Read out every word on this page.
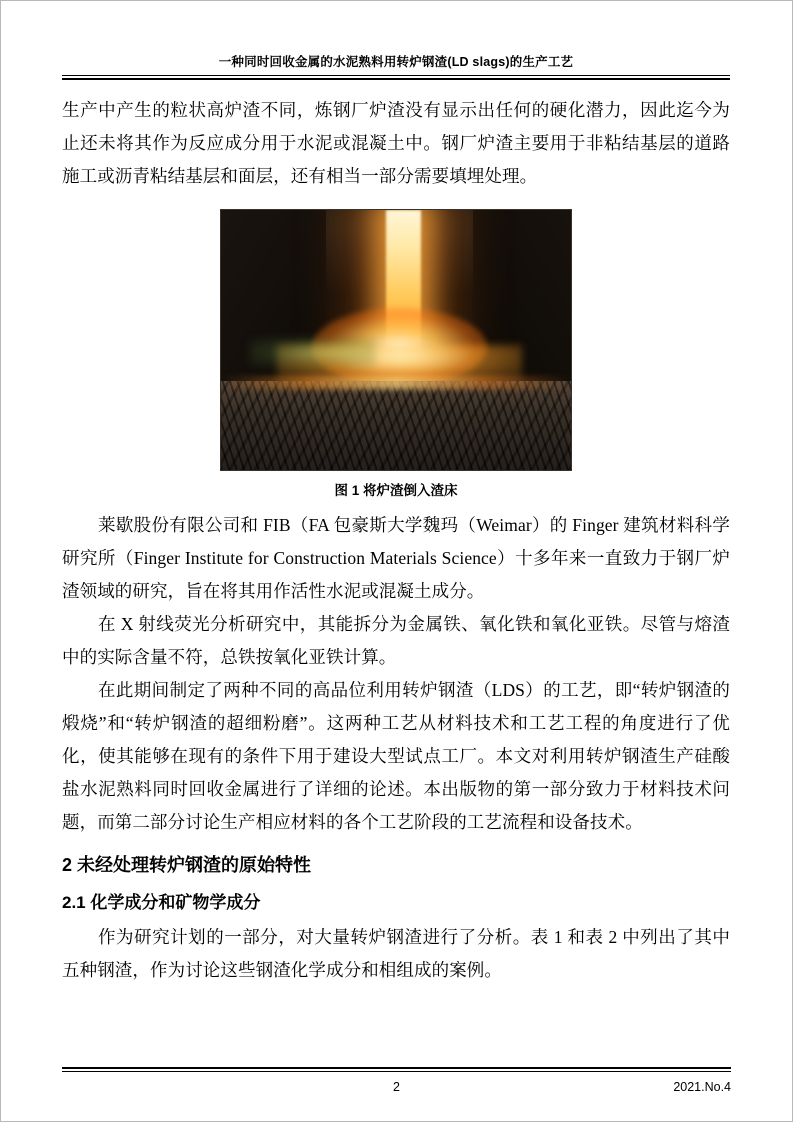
一种同时回收金属的水泥熟料用转炉钢渣(LD slags)的生产工艺

生产中产生的粒状高炉渣不同，炼钢厂炉渣没有显示出任何的硬化潜力，因此迄今为止还未将其作为反应成分用于水泥或混凝土中。钢厂炉渣主要用于非粘结基层的道路施工或沥青粘结基层和面层，还有相当一部分需要填埋处理。

图 1 将炉渣倒入渣床

莱歇股份有限公司和 FIB（FA 包豪斯大学魏玛（Weimar）的 Finger 建筑材料科学研究所（Finger Institute for Construction Materials Science）十多年来一直致力于钢厂炉渣领域的研究，旨在将其用作活性水泥或混凝土成分。

在 X 射线荧光分析研究中，其能拆分为金属铁、氧化铁和氧化亚铁。尽管与熔渣中的实际含量不符，总铁按氧化亚铁计算。

在此期间制定了两种不同的高品位利用转炉钢渣（LDS）的工艺，即“转炉钢渣的煅烧”和“转炉钢渣的超细粉磨”。这两种工艺从材料技术和工艺工程的角度进行了优化，使其能够在现有的条件下用于建设大型试点工厂。本文对利用转炉钢渣生产硅酸盐水泥熟料同时回收金属进行了详细的论述。本出版物的第一部分致力于材料技术问题，而第二部分讨论生产相应材料的各个工艺阶段的工艺流程和设备技术。

2 未经处理转炉钢渣的原始特性
2.1 化学成分和矿物学成分

作为研究计划的一部分，对大量转炉钢渣进行了分析。表 1 和表 2 中列出了其中五种钢渣，作为讨论这些钢渣化学成分和相组成的案例。

2	2021.No.4
